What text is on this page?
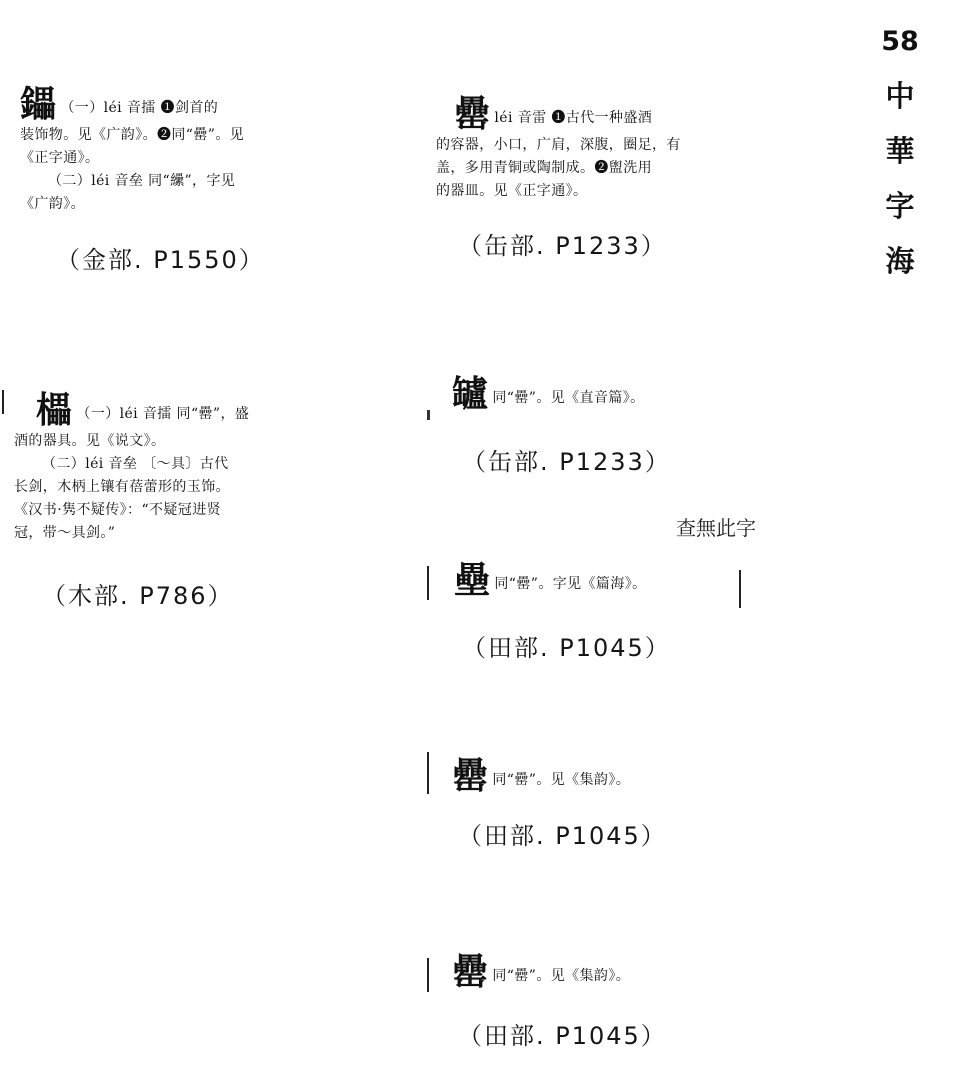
58
中
華
字
海

鑘 （一）léi 音擂 ❶剑首的

装饰物。见《广韵》。❷同“罍”。见

《正字通》。

（二）léi 音垒 同“纝”，字见

《广韵》。

（金部. P1550）

櫑 （一）léi 音擂 同“罍”，盛

酒的器具。见《说文》。

（二）léi 音垒 〔～具〕古代

长剑，木柄上镶有蓓蕾形的玉饰。

《汉书·隽不疑传》：“不疑冠进贤

冠，带～具剑。”

（木部. P786）

罍léi 音雷 ❶古代一种盛酒

的容器，小口，广肩，深腹，圈足，有

盖，多用青铜或陶制成。❷盥洗用

的器皿。见《正字通》。

（缶部. P1233）

罏同“罍”。见《直音篇》。

（缶部. P1233）
查無此字

壘同“罍”。字见《篇海》。

（田部. P1045）

罍同“罍”。见《集韵》。

（田部. P1045）

罍同“罍”。见《集韵》。

（田部. P1045）
